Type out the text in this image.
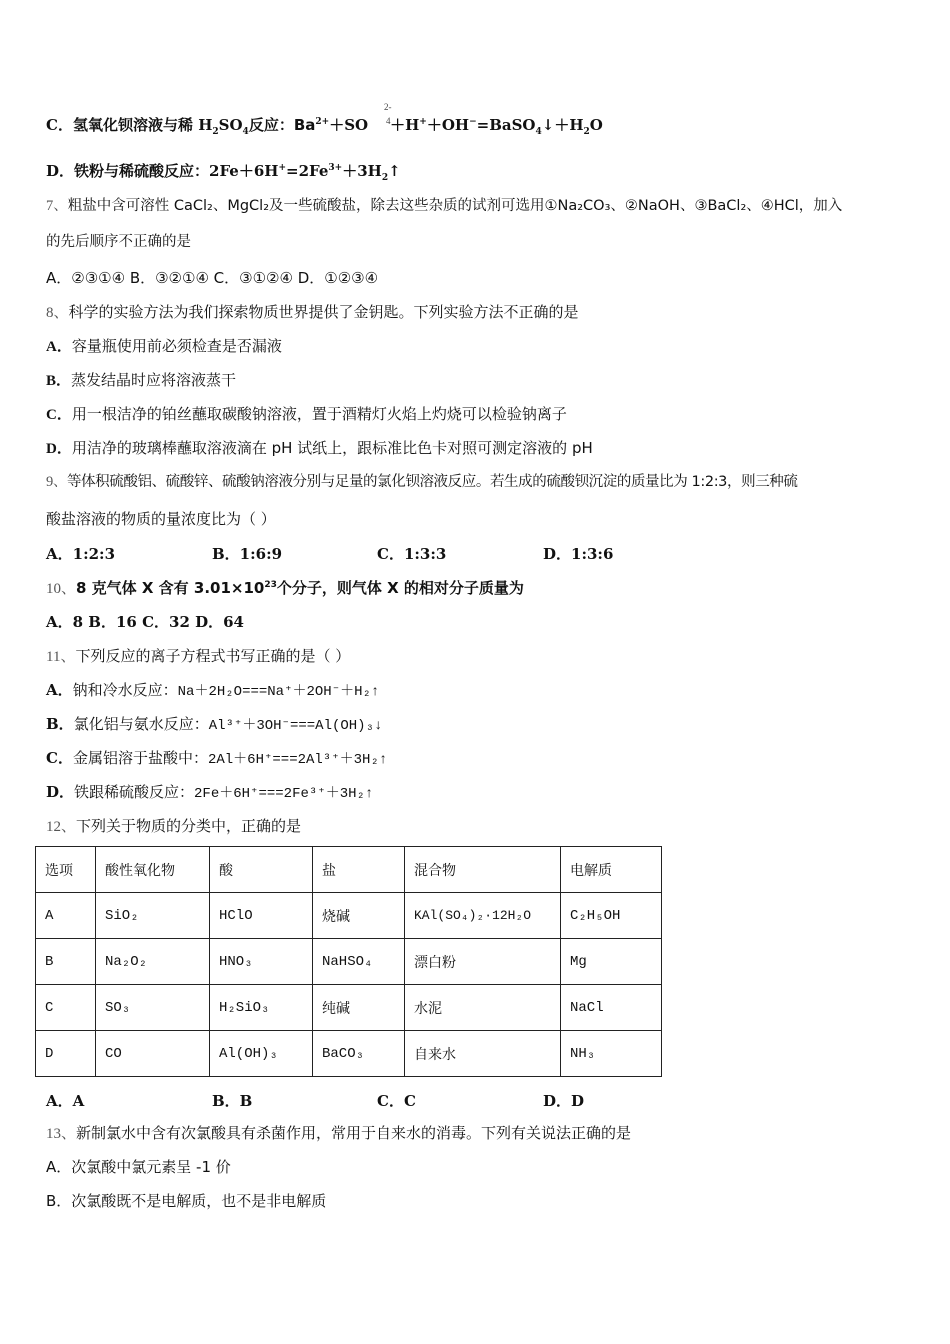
C．氢氧化钡溶液与稀 $H_2SO_4$反应：$Ba^{2+}+SO$ $+H^++OH^-=BaSO_4↓+H_2O$
2-
4
D．铁粉与稀硫酸反应：$2Fe+6H^+=2Fe^{3+}+3H_2↑$
7、粗盐中含可溶性 CaCl₂、MgCl₂及一些硫酸盐，除去这些杂质的试剂可选用①Na₂CO₃、②NaOH、③BaCl₂、④HCl，加入
的先后顺序不正确的是
A．②③①④ B．③②①④ C．③①②④ D．①②③④
8、科学的实验方法为我们探索物质世界提供了金钥匙。下列实验方法不正确的是
A．容量瓶使用前必须检查是否漏液
B．蒸发结晶时应将溶液蒸干
C．用一根洁净的铂丝蘸取碳酸钠溶液，置于酒精灯火焰上灼烧可以检验钠离子
D．用洁净的玻璃棒蘸取溶液滴在 pH 试纸上，跟标准比色卡对照可测定溶液的 pH
9、等体积硫酸铝、硫酸锌、硫酸钠溶液分别与足量的氯化钡溶液反应。若生成的硫酸钡沉淀的质量比为 1:2:3，则三种硫
酸盐溶液的物质的量浓度比为（ ）
A．1:2:3	B．1:6:9	C．1:3:3	D．1:3:6
10、8 克气体 X 含有 $3.01\times 10^{23}$个分子，则气体 X 的相对分子质量为
A．8 B．16 C．32 D．64
11、下列反应的离子方程式书写正确的是（ ）
A．钠和冷水反应：Na＋2H₂O===Na⁺＋2OH⁻＋H₂↑
B．氯化铝与氨水反应：Al³⁺＋3OH⁻===Al(OH)₃↓
C．金属铝溶于盐酸中：2Al＋6H⁺===2Al³⁺＋3H₂↑
D．铁跟稀硫酸反应：2Fe＋6H⁺===2Fe³⁺＋3H₂↑
12、下列关于物质的分类中，正确的是
选项	酸性氧化物	酸	盐	混合物	电解质
A	SiO₂	HClO	烧碱	KAl(SO₄)₂·12H₂O	C₂H₅OH
B	Na₂O₂	HNO₃	NaHSO₄	漂白粉	Mg
C	SO₃	H₂SiO₃	纯碱	水泥	NaCl
D	CO	Al(OH)₃	BaCO₃	自来水	NH₃
A．A	B．B	C．C	D．D
13、新制氯水中含有次氯酸具有杀菌作用，常用于自来水的消毒。下列有关说法正确的是
A．次氯酸中氯元素呈 -1 价
B．次氯酸既不是电解质，也不是非电解质
